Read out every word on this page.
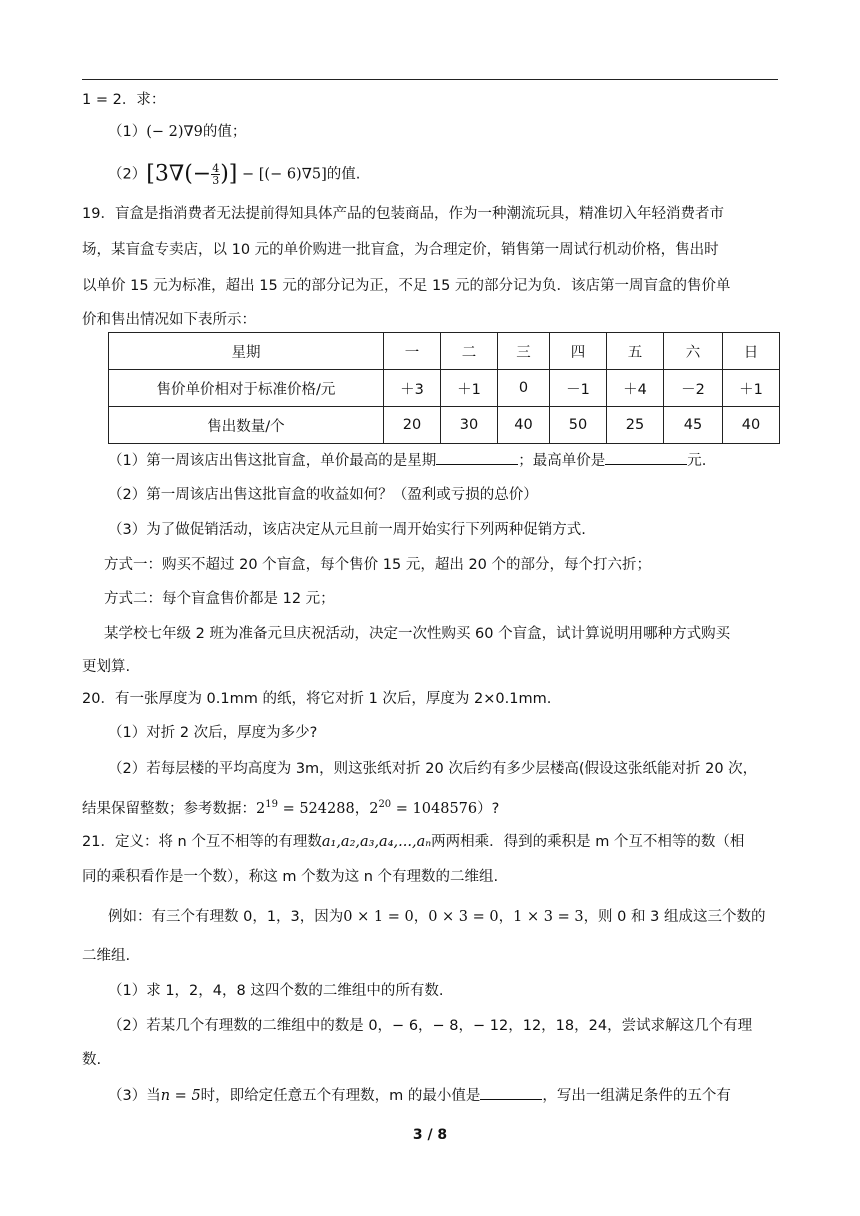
1 = 2．求：
（1）(− 2)∇9的值；
$(2)[3\nabla(- \frac{4}{3}$ )] − [(− 6)∇5]的值.
19．盲盒是指消费者无法提前得知具体产品的包装商品，作为一种潮流玩具，精准切入年轻消费者市
场，某盲盒专卖店，以 10 元的单价购进一批盲盒，为合理定价，销售第一周试行机动价格，售出时
以单价 15 元为标准，超出 15 元的部分记为正，不足 15 元的部分记为负．该店第一周盲盒的售价单
价和售出情况如下表所示：
星期	一	二	三	四	五	六	日
售价单价相对于标准价格/元	＋3	＋1	0	－1	＋4	－2	＋1
售出数量/个	20	30	40	50	25	45	40
（1）第一周该店出售这批盲盒，单价最高的是星期	；最高单价是	元.
（2）第一周该店出售这批盲盒的收益如何？（盈利或亏损的总价）
（3）为了做促销活动，该店决定从元旦前一周开始实行下列两种促销方式.
方式一：购买不超过 20 个盲盒，每个售价 15 元，超出 20 个的部分，每个打六折；
方式二：每个盲盒售价都是 12 元；
某学校七年级 2 班为准备元旦庆祝活动，决定一次性购买 60 个盲盒，试计算说明用哪种方式购买
更划算.
20．有一张厚度为 0.1mm 的纸，将它对折 1 次后，厚度为 2×0.1mm.
（1）对折 2 次后，厚度为多少?
（2）若每层楼的平均高度为 3m，则这张纸对折 20 次后约有多少层楼高(假设这张纸能对折 20 次，
结果保留整数；参考数据：$2^{19} = 524288$，$2^{20} = 1048576$）?
21．定义：将 n 个互不相等的有理数a₁,a₂,a₃,a₄,...,aₙ两两相乘．得到的乘积是 m 个互不相等的数（相
同的乘积看作是一个数），称这 m 个数为这 n 个有理数的二维组.
例如：有三个有理数 0，1，3，因为0 × 1 = 0，0 × 3 = 0，1 × 3 = 3，则 0 和 3 组成这三个数的
二维组.
（1）求 1，2，4，8 这四个数的二维组中的所有数.
（2）若某几个有理数的二维组中的数是 0，− 6，− 8，− 12，12，18，24，尝试求解这几个有理
数.
（3）当n = 5时，即给定任意五个有理数，m 的最小值是	，写出一组满足条件的五个有
3 / 8
